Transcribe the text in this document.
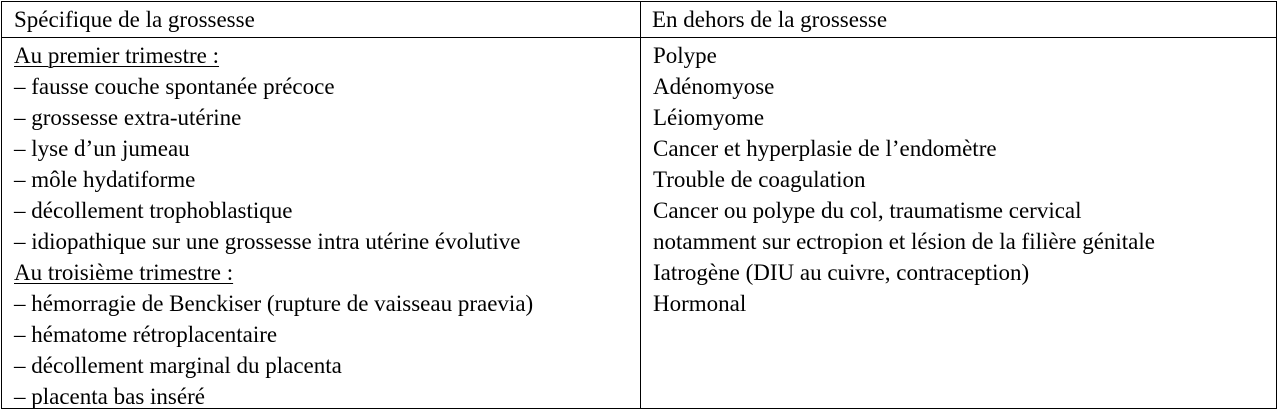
Spécifique de la grossesse	En dehors de la grossesse
Au premier trimestre :
– fausse couche spontanée précoce
– grossesse extra-utérine
– lyse d’un jumeau
– môle hydatiforme
– décollement trophoblastique
– idiopathique sur une grossesse intra utérine évolutive
Au troisième trimestre :
– hémorragie de Benckiser (rupture de vaisseau praevia)
– hématome rétroplacentaire
– décollement marginal du placenta
– placenta bas inséré
Polype
Adénomyose
Léiomyome
Cancer et hyperplasie de l’endomètre
Trouble de coagulation
Cancer ou polype du col, traumatisme cervical
notamment sur ectropion et lésion de la filière génitale
Iatrogène (DIU au cuivre, contraception)
Hormonal
